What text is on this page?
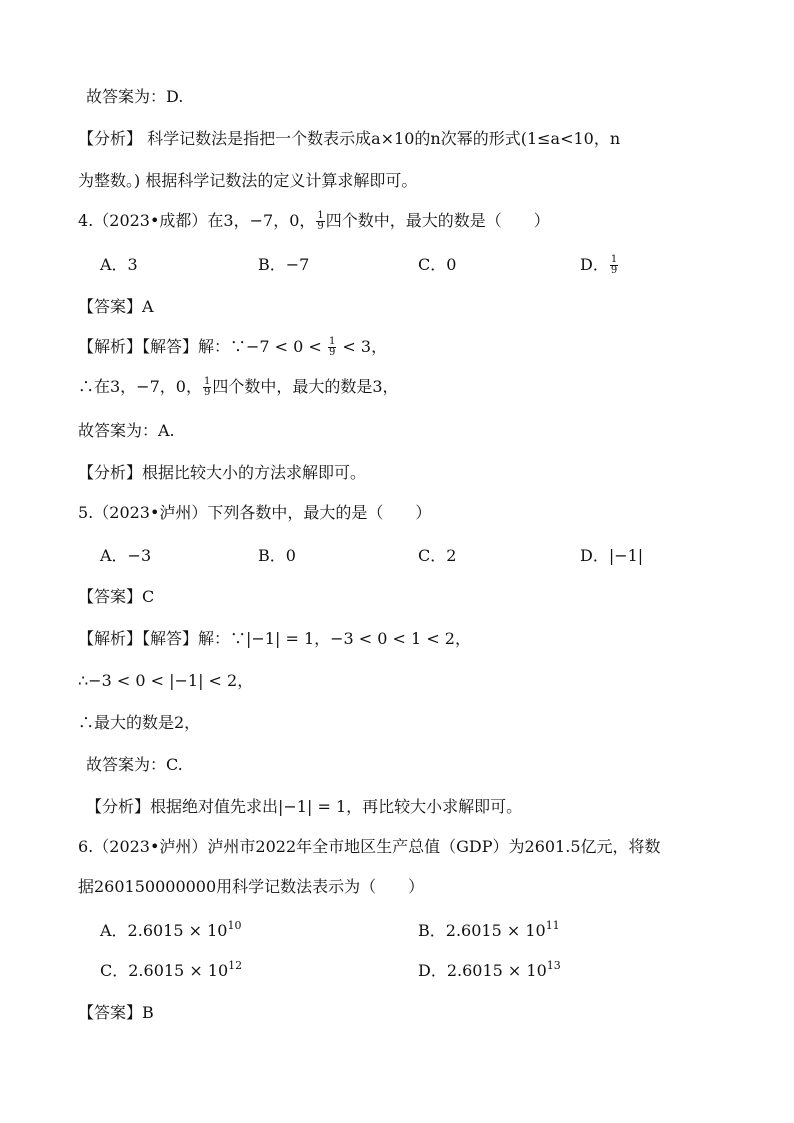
故答案为：D.
【分析】 科学记数法是指把一个数表示成a×10的n次幂的形式(1≤a<10，n
为整数。) 根据科学记数法的定义计算求解即可。
4.（2023•成都）在3，−7，0， $\frac{1}{9}$ 四个数中，最大的数是（　　）
A．3	B．−7	C．0	D． $\frac{1}{9}$
【答案】A
【解析】【解答】解：∵−7 < $0 < \frac{1}{9} < 3$，
∴在3，−7，0， $\frac{1}{9}$ 四个数中，最大的数是3，
故答案为：A.
【分析】根据比较大小的方法求解即可。
5.（2023•泸州）下列各数中，最大的是（　　）
A．−3	B．0	C．2	D．|−1|
【答案】C
【解析】【解答】解：∵|−1| = 1，−3 < 0 < 1 < 2，
∴−3 < 0 < |−1| < 2，
∴最大的数是2，
故答案为：C.
【分析】根据绝对值先求出|−1| = 1，再比较大小求解即可。
6.（2023•泸州）泸州市2022年全市地区生产总值（GDP）为2601.5亿元，将数
据260150000000用科学记数法表示为（　　）
A．$2.6015 \times 10^{10}$	B．$2.6015 \times 10^{11}$
C．$2.6015 \times 10^{12}$	D．$2.6015 \times 10^{13}$
【答案】B
